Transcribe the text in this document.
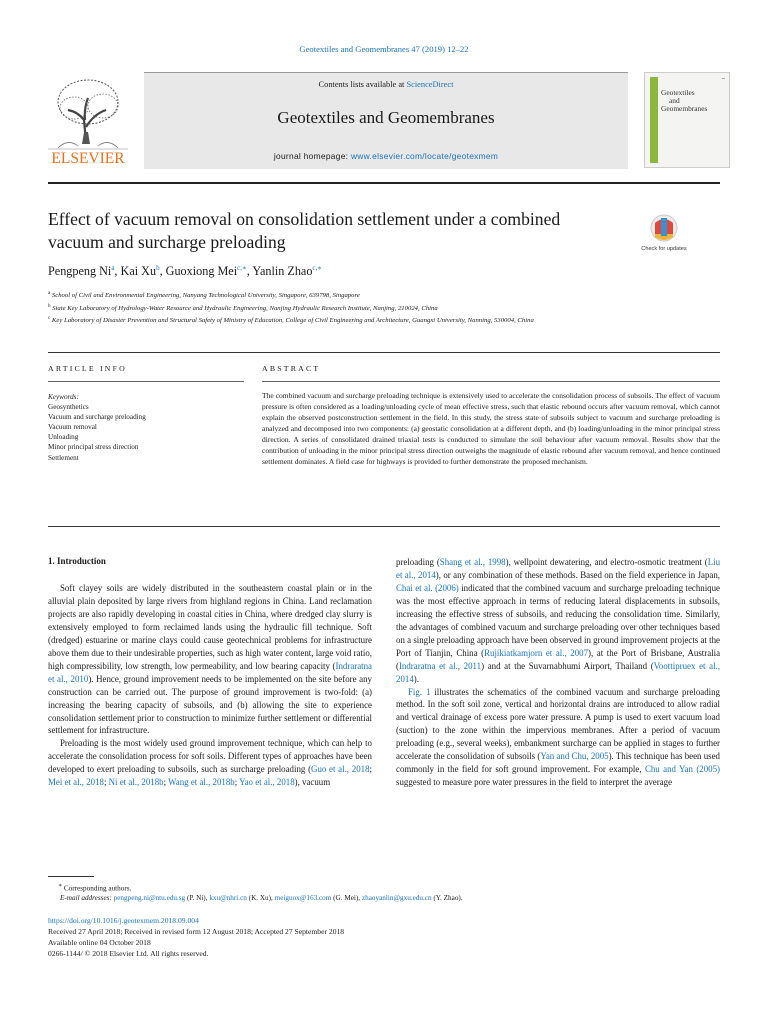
Geotextiles and Geomembranes 47 (2019) 12–22
ELSEVIER
Contents lists available at ScienceDirect
Geotextiles and Geomembranes
journal homepage: www.elsevier.com/locate/geotexmem
▬
Geotextiles
and
Geomembranes
Effect of vacuum removal on consolidation settlement under a combined vacuum and surcharge preloading	Check for updates
Pengpeng Ni$^a$, Kai Xu$^b$, Guoxiong Mei$^{c,∗}$, Yanlin Zhao$^{c,∗}$
$^a$ School of Civil and Environmental Engineering, Nanyang Technological University, Singapore, 639798, Singapore
$^b$ State Key Laboratory of Hydrology-Water Resource and Hydraulic Engineering, Nanjing Hydraulic Research Institute, Nanjing, 210024, China
$^c$ Key Laboratory of Disaster Prevention and Structural Safety of Ministry of Education, College of Civil Engineering and Architecture, Guangxi University, Nanning, 530004, China
ARTICLE INFO	ABSTRACT
Keywords:
Geosynthetics
Vacuum and surcharge preloading
Vacuum removal
Unloading
Minor principal stress direction
Settlement
The combined vacuum and surcharge preloading technique is extensively used to accelerate the consolidation process of subsoils. The effect of vacuum pressure is often considered as a loading/unloading cycle of mean effective stress, such that elastic rebound occurs after vacuum removal, which cannot explain the observed postconstruction settlement in the field. In this study, the stress state of subsoils subject to vacuum and surcharge preloading is analyzed and decomposed into two components: (a) geostatic consolidation at a different depth, and (b) loading/unloading in the minor principal stress direction. A series of consolidated drained triaxial tests is conducted to simulate the soil behaviour after vacuum removal. Results show that the contribution of unloading in the minor principal stress direction outweighs the magnitude of elastic rebound after vacuum removal, and hence continued settlement dominates. A field case for highways is provided to further demonstrate the proposed mechanism.
1. Introduction

Soft clayey soils are widely distributed in the southeastern coastal plain or in the alluvial plain deposited by large rivers from highland regions in China. Land reclamation projects are also rapidly developing in coastal cities in China, where dredged clay slurry is extensively employed to form reclaimed lands using the hydraulic fill technique. Soft (dredged) estuarine or marine clays could cause geotechnical problems for infrastructure above them due to their undesirable properties, such as high water content, large void ratio, high compressibility, low strength, low permeability, and low bearing capacity (Indraratna et al., 2010). Hence, ground improvement needs to be implemented on the site before any construction can be carried out. The purpose of ground improvement is two-fold: (a) increasing the bearing capacity of subsoils, and (b) allowing the site to experience consolidation settlement prior to construction to minimize further settlement or differential settlement for infrastructure.

Preloading is the most widely used ground improvement technique, which can help to accelerate the consolidation process for soft soils. Different types of approaches have been developed to exert preloading to subsoils, such as surcharge preloading (Guo et al., 2018; Mei et al., 2018; Ni et al., 2018b; Wang et al., 2018b; Yao et al., 2018), vacuum

preloading (Shang et al., 1998), wellpoint dewatering, and electro-osmotic treatment (Liu et al., 2014), or any combination of these methods. Based on the field experience in Japan, Chai et al. (2006) indicated that the combined vacuum and surcharge preloading technique was the most effective approach in terms of reducing lateral displacements in subsoils, increasing the effective stress of subsoils, and reducing the consolidation time. Similarly, the advantages of combined vacuum and surcharge preloading over other techniques based on a single preloading approach have been observed in ground improvement projects at the Port of Tianjin, China (Rujikiatkamjorn et al., 2007), at the Port of Brisbane, Australia (Indraratna et al., 2011) and at the Suvarnabhumi Airport, Thailand (Voottipruex et al., 2014).

Fig. 1 illustrates the schematics of the combined vacuum and surcharge preloading method. In the soft soil zone, vertical and horizontal drains are introduced to allow radial and vertical drainage of excess pore water pressure. A pump is used to exert vacuum load (suction) to the zone within the impervious membranes. After a period of vacuum preloading (e.g., several weeks), embankment surcharge can be applied in stages to further accelerate the consolidation of subsoils (Yan and Chu, 2005). This technique has been used commonly in the field for soft ground improvement. For example, Chu and Yan (2005) suggested to measure pore water pressures in the field to interpret the average

∗ Corresponding authors.
E-mail addresses: pengpeng.ni@ntu.edu.sg (P. Ni), kxu@nhri.cn (K. Xu), meiguox@163.com (G. Mei), zhaoyanlin@gxu.edu.cn (Y. Zhao).
https://doi.org/10.1016/j.geotexmem.2018.09.004
Received 27 April 2018; Received in revised form 12 August 2018; Accepted 27 September 2018
Available online 04 October 2018
0266-1144/ © 2018 Elsevier Ltd. All rights reserved.
